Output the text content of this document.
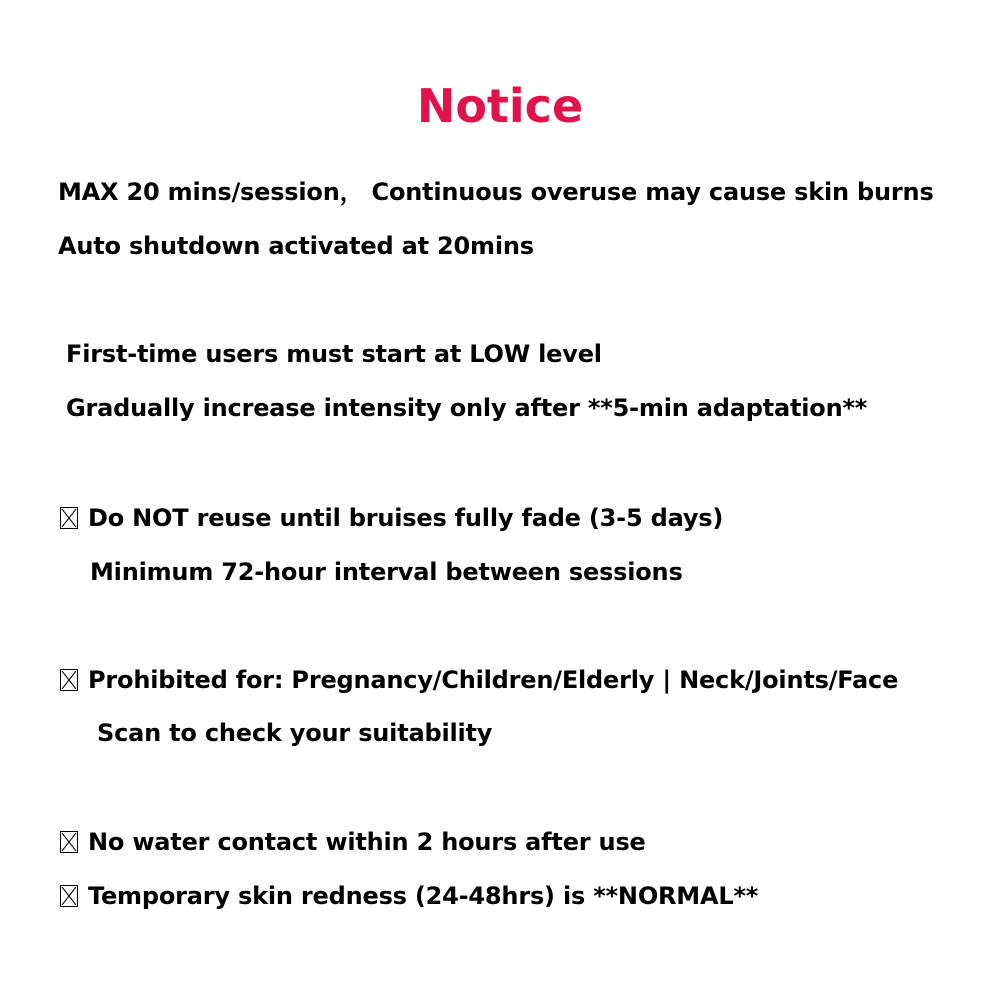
Notice
MAX 20 mins/session， Continuous overuse may cause skin burns
Auto shutdown activated at 20mins
First-time users must start at LOW level
Gradually increase intensity only after **5-min adaptation**
Do NOT reuse until bruises fully fade (3-5 days)
Minimum 72-hour interval between sessions
Prohibited for: Pregnancy/Children/Elderly | Neck/Joints/Face
Scan to check your suitability
No water contact within 2 hours after use
Temporary skin redness (24-48hrs) is **NORMAL**
